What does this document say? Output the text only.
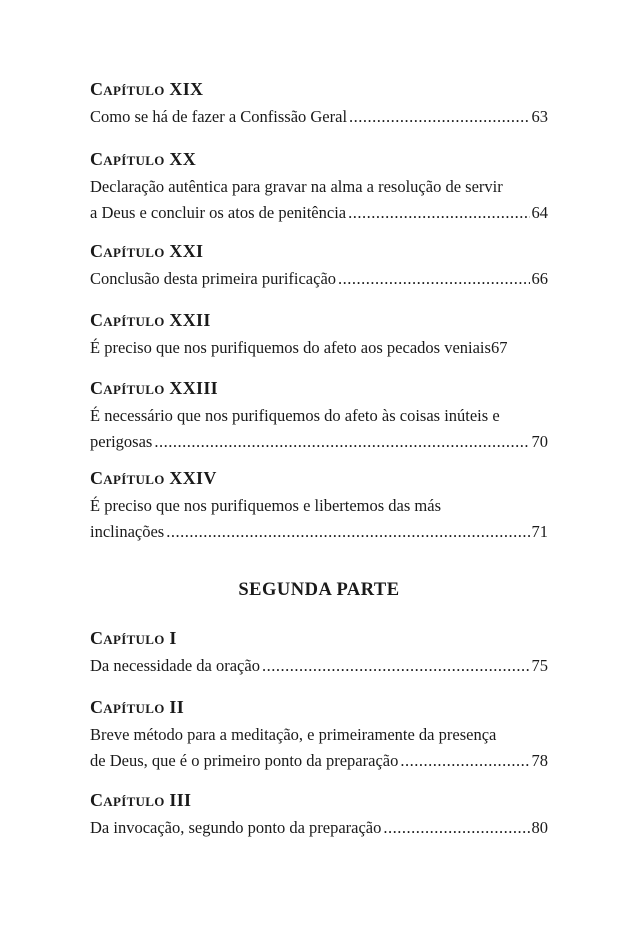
Capítulo XIX
Como se há de fazer a Confissão Geral .....	63
Capítulo XX
Declaração autêntica para gravar na alma a resolução de servir
a Deus e concluir os atos de penitência .....	64
Capítulo XXI
Conclusão desta primeira purificação .....	66
Capítulo XXII
É preciso que nos purifiquemos do afeto aos pecados veniais 67
Capítulo XXIII
É necessário que nos purifiquemos do afeto às coisas inúteis e
perigosas .....	70
Capítulo XXIV
É preciso que nos purifiquemos e libertemos das más
inclinações .....	71
SEGUNDA PARTE
Capítulo I
Da necessidade da oração .....	75
Capítulo II
Breve método para a meditação, e primeiramente da presença
de Deus, que é o primeiro ponto da preparação .....	78
Capítulo III
Da invocação, segundo ponto da preparação .....	80
